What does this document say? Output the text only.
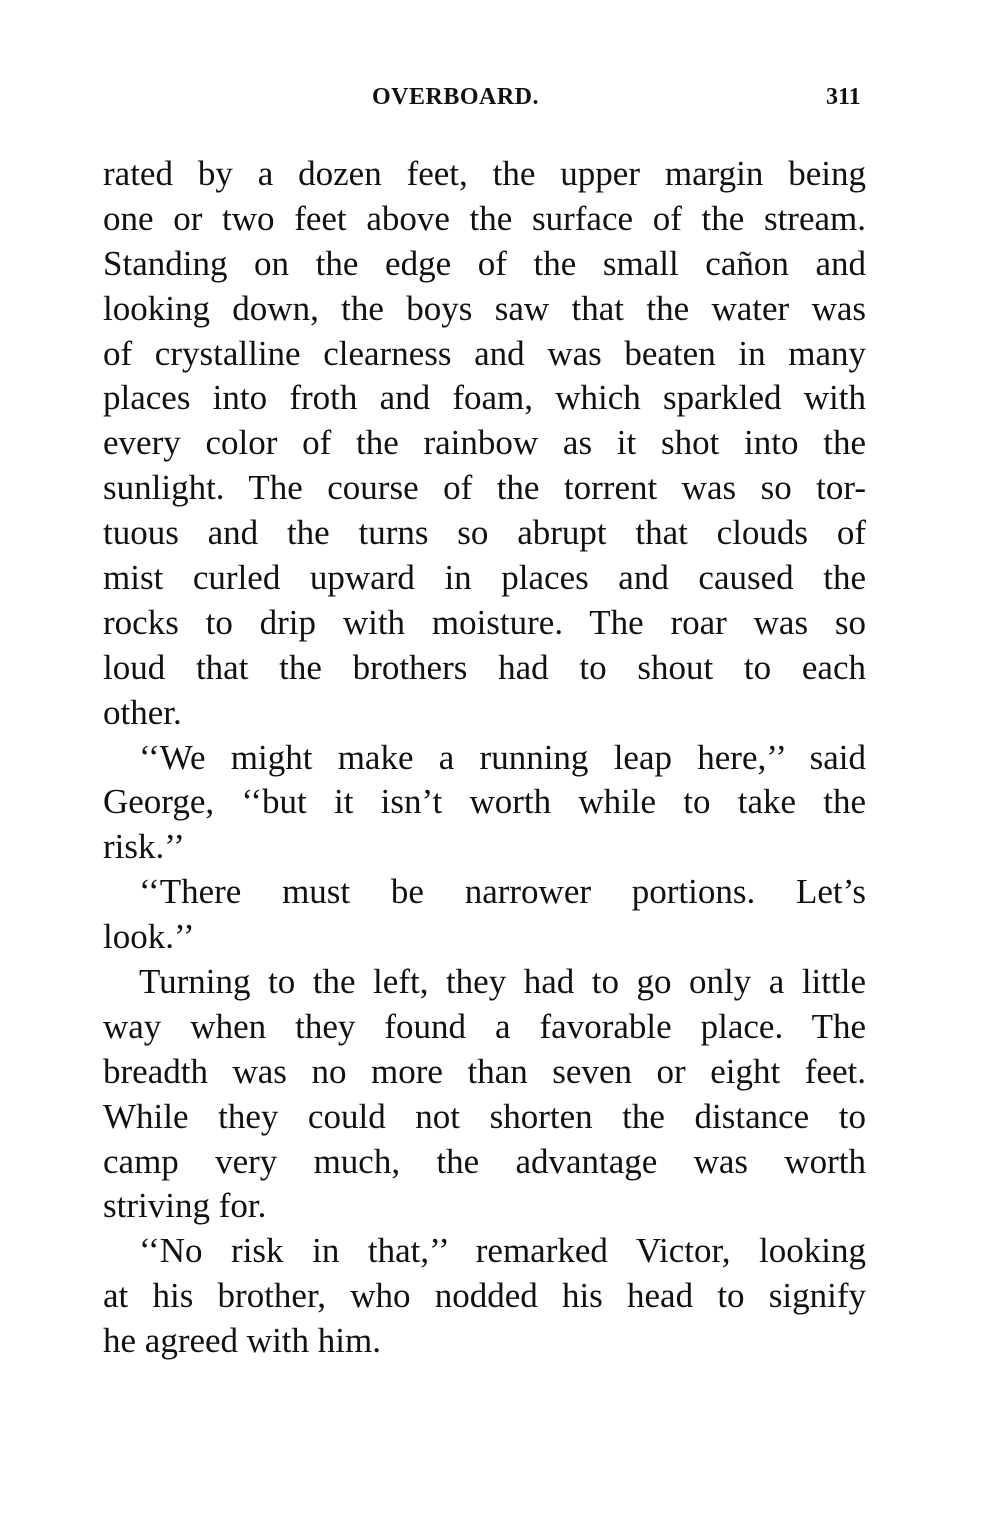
OVERBOARD.	311
rated by a dozen feet, the upper margin being
one or two feet above the surface of the stream.
Standing on the edge of the small cañon and
looking down, the boys saw that the water was
of crystalline clearness and was beaten in many
places into froth and foam, which sparkled with
every color of the rainbow as it shot into the
sunlight. The course of the torrent was so tor-
tuous and the turns so abrupt that clouds of
mist curled upward in places and caused the
rocks to drip with moisture. The roar was so
loud that the brothers had to shout to each
other.
‘‘We might make a running leap here,’’ said
George, ‘‘but it isn’t worth while to take the
risk.’’
‘‘There must be narrower portions. Let’s
look.’’
Turning to the left, they had to go only a little
way when they found a favorable place. The
breadth was no more than seven or eight feet.
While they could not shorten the distance to
camp very much, the advantage was worth
striving for.
‘‘No risk in that,’’ remarked Victor, looking
at his brother, who nodded his head to signify
he agreed with him.
